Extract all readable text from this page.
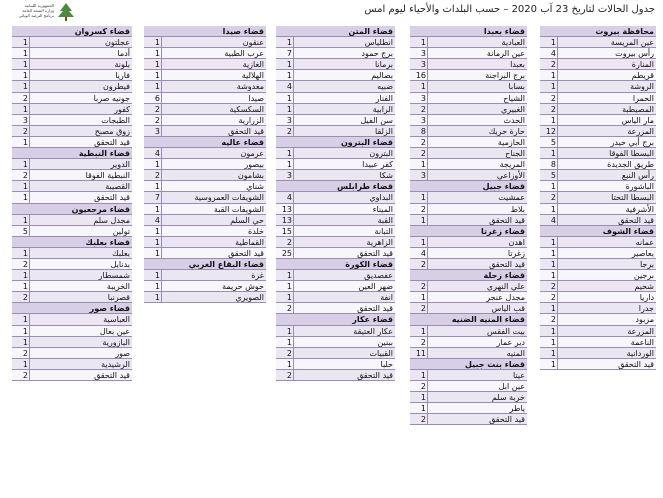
جدول الحالات لتاريخ 23 آب 2020 – حسب البلدات والأحياء ليوم امس
الجمهورية اللبنانية
وزارة الصحة العامة
برنامج الترصد الوبائي
محافظة بيروت
عين المريسة
1
رأس بيروت
4
المنارة
2
قريطم
1
الروشة
1
الحمرا
2
المصيطبة
2
مار الياس
1
المزرعة
12
برج أبي حيدر
5
البسطا الفوقا
1
طريق الجديدة
8
رأس النبع
5
الباشورة
1
البسطا التحتا
2
الأشرفية
1
قيد التحقق
4
قضاء الشوف
عمانه
1
بعاصير
1
برجا
1
برجين
1
شحيم
2
داريا
2
جدرا
1
مزبود
2
المزرعة
1
الناعمة
1
الوردانية
1
قيد التحقق
1
قضاء بعبدا
العبادية
1
عين الرمانة
3
بعبدا
3
برج البراجنة
16
بسابا
1
الشياح
3
الغبيري
2
الحدث
3
حارة حريك
8
الحازمية
2
الجناح
2
المريجة
1
الأوزاعي
3
قضاء جبيل
عمشيت
1
بلاط
2
قيد التحقق
1
قضاء زغرتا
اهدن
1
زغرتا
4
قيد التحقق
2
قضاء زحلة
علي النهري
2
مجدل عنجر
1
قب الياس
2
قضاء المنيه الضنيه
بيت الفقس
1
دير عمار
2
المنيه
11
قضاء بنت جبيل
عيتا
1
عين ابل
2
خربة سلم
1
ياطر
1
قيد التحقق
2
قضاء المتن
انطلياس
1
برج حمود
7
برمانا
1
بصاليم
1
ضبيه
4
الفنار
1
الرابية
1
سن الفيل
3
الزلقا
2
قضاء البترون
البترون
1
كفر عبيدا
1
شكا
3
قضاء طرابلس
البداوي
4
الميناء
13
القبة
13
التبانة
15
الزاهرية
2
قيد التحقق
25
قضاء الكورة
عفصديق
1
ضهر العين
1
انفة
1
قيد التحقق
2
قضاء عكار
عكار العتيقة
1
ببنين
1
القبيات
2
حلبا
1
قيد التحقق
2
قضاء صيدا
عنقون
1
عرب الطبية
1
الغازية
1
الهلالية
1
مغدوشة
1
صيدا
6
السكسكية
2
الزرارية
2
قيد التحقق
3
قضاء عاليه
عرمون
4
بيصور
1
بشامون
2
شناي
1
الشويفات العمروسية
7
الشويفات القبة
1
حي السلم
4
خلدة
1
القماطية
1
قيد التحقق
1
قضاء البقاع الغربي
غزة
1
حوش حريمة
1
الصويري
1
قضاء كسروان
عجلتون
1
أدما
1
بلونة
1
فاريا
1
فيطرون
1
جونيه صربا
2
كفور
1
الطبجات
3
زوق مصبح
2
قيد التحقق
1
قضاء النبطية
الدوير
1
النبطية الفوقا
2
القصيبة
1
قيد التحقق
1
قضاء مرجعيون
مجدل سلم
1
تولين
5
قضاء بعلبك
بعلبك
1
بدنايل
2
شمسطار
1
الخريبة
1
قصرنبا
2
قضاء صور
العباسية
1
عين بعال
1
البازورية
1
صور
2
الرشيدية
1
قيد التحقق
2
